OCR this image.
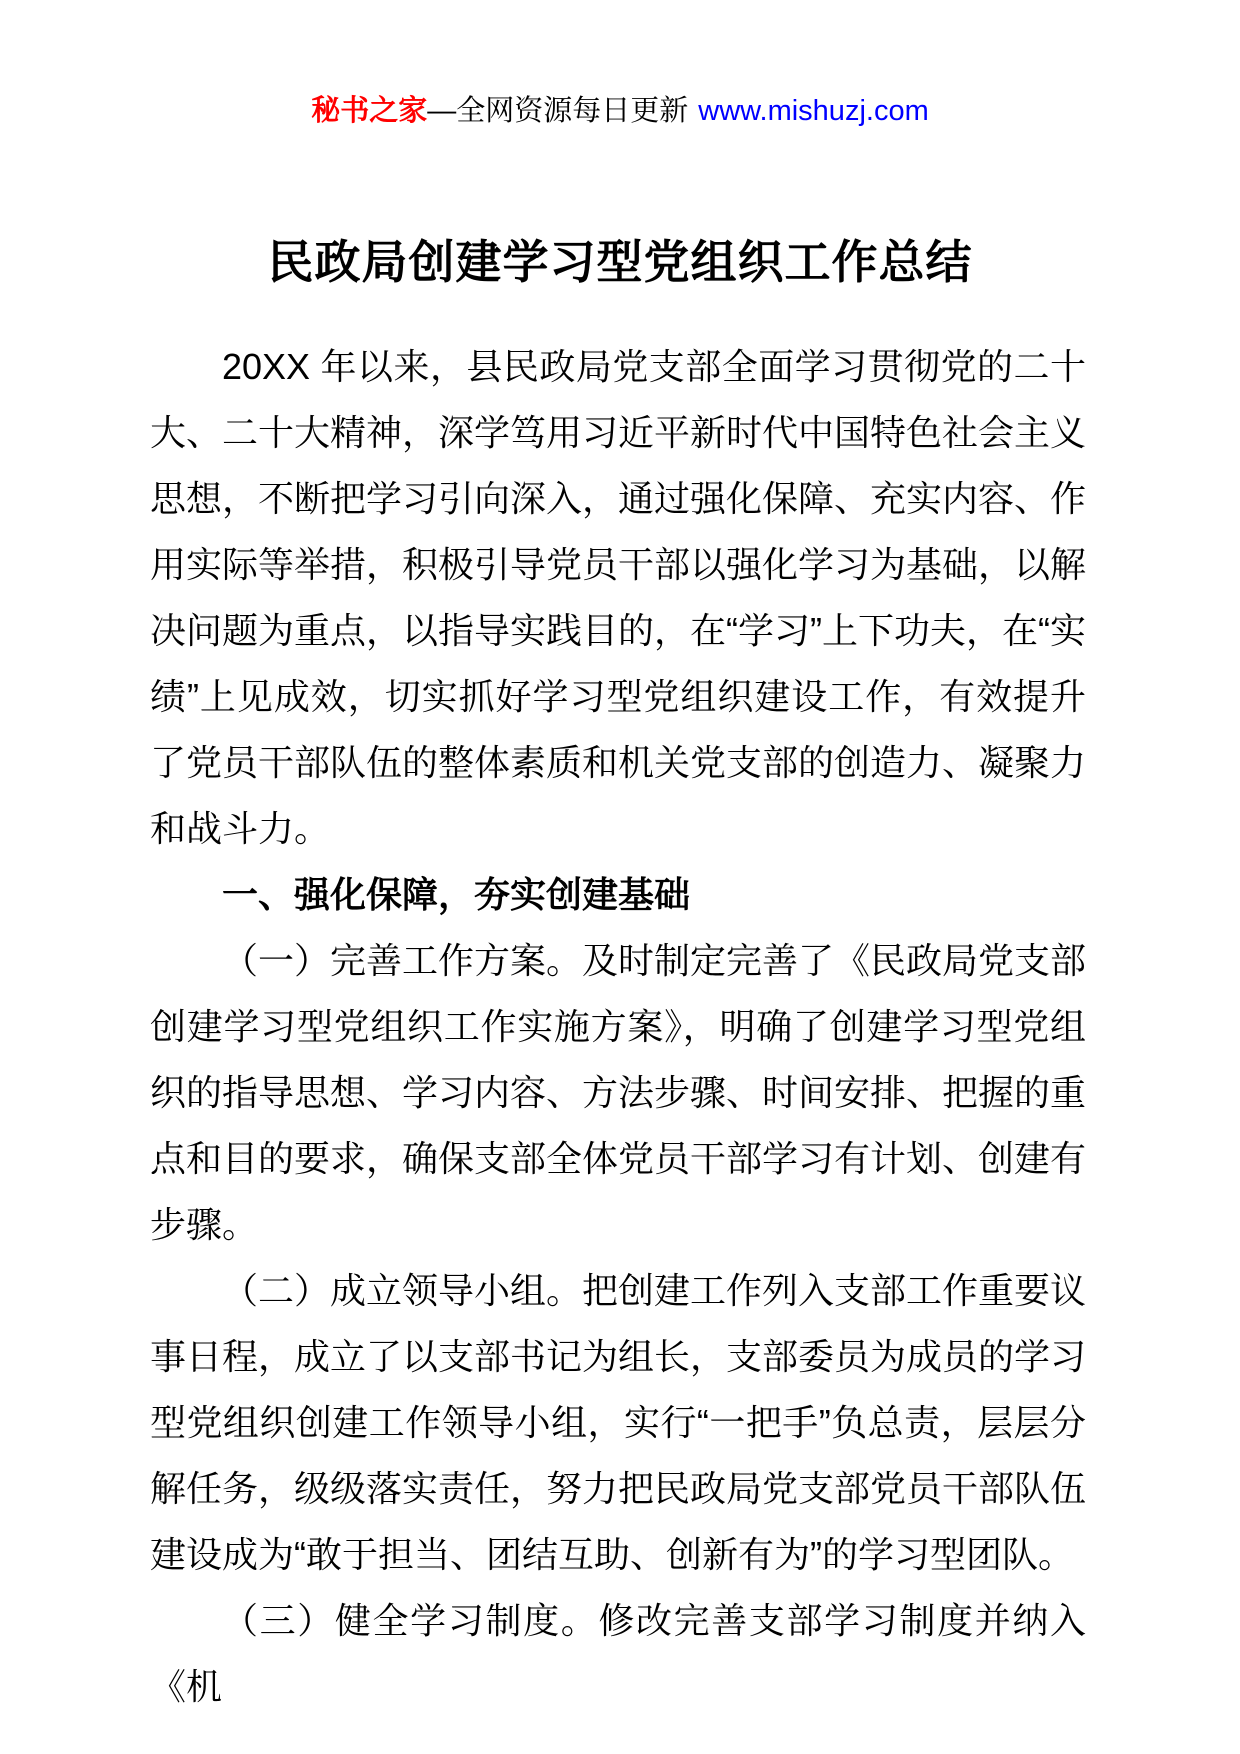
秘书之家—全网资源每日更新 www.mishuzj.com
民政局创建学习型党组织工作总结

20XX 年以来，县民政局党支部全面学习贯彻党的二十大、二十大精神，深学笃用习近平新时代中国特色社会主义思想，不断把学习引向深入，通过强化保障、充实内容、作用实际等举措，积极引导党员干部以强化学习为基础，以解决问题为重点，以指导实践目的，在“学习”上下功夫，在“实绩”上见成效，切实抓好学习型党组织建设工作，有效提升了党员干部队伍的整体素质和机关党支部的创造力、凝聚力和战斗力。

一、强化保障，夯实创建基础

（一）完善工作方案。及时制定完善了《民政局党支部创建学习型党组织工作实施方案》，明确了创建学习型党组织的指导思想、学习内容、方法步骤、时间安排、把握的重点和目的要求，确保支部全体党员干部学习有计划、创建有步骤。

（二）成立领导小组。把创建工作列入支部工作重要议事日程，成立了以支部书记为组长，支部委员为成员的学习型党组织创建工作领导小组，实行“一把手”负总责，层层分解任务，级级落实责任，努力把民政局党支部党员干部队伍建设成为“敢于担当、团结互助、创新有为”的学习型团队。

（三）健全学习制度。修改完善支部学习制度并纳入《机
